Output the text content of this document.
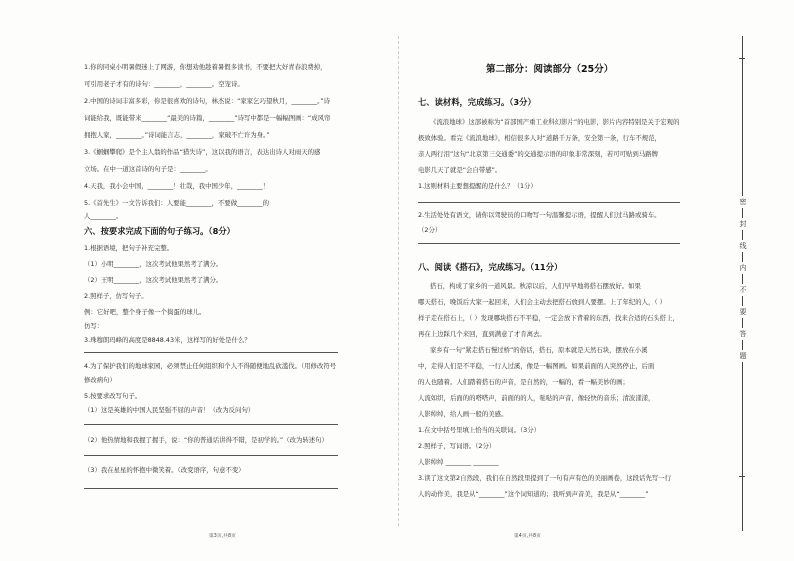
1.你的同桌小明暑假迷上了网游，你想劝他趁着暑假多读书，不要把大好青春浪费掉，
可引用老子才有的诗句：________，________。空宠诗。
2.中国的诗词丰富多彩，你是很喜欢的诗句，林杰说：“家家乞巧望秋月，________。”诗
词能给我，既能带来________“最美的诗篇，________”诗写中都是一幅幅图画：“成风帘
拥抱人家，________。”诗词能言志，________，家破不亡许为身。”
3.《蝈蝈攀爬》是个主人翁的作品“猎失诗”，这以我的语言，表达出诗人对雨天的感
立场。在中一道这首诗的句子是：________。
4.天我，我小会中国，________！壮哉，我中国少年，________！
5.《首先生》一文告诉我们：人要能________，不要做________的
人________。
六、按要求完成下面的句子练习。（8分）
1.根据语境，把句子补充完整。
（1）小明________，这次考试他果然考了满分。
（2）王明________，这次考试他果然考了满分。
2.照样子，仿写句子。
例：它好吧，整个身子像一个捣蛋的球儿。
仿写：
3.珠穆朗玛峰的高度是8848.43米，这样写的好处是什么？
4.为了保护我们的地球家园，必须禁止任何组织和个人不得随便地乱砍滥伐。（用修改符号
修改病句）
5.按要求改写句子。
（1）这是英雄的中国人民坚强不屈的声音！（改为反问句）
（2）他热情地和我握了握手，说：“你的普通话讲得不错，是初学的。”（改为转述句）
（3）我在星星的怀抱中微笑着。（改变语序，句意不变）
第3页,共8页
第二部分：阅读部分（25分）
七、读材料，完成练习。（3分）
《流浪地球》这部被称为“首部国产重工业科幻影片”的电影，影片内容特别是关于宏观的
极致体验。看完《流浪地球》，相信很多人对“道路千万条，安全第一条，行车不规范，
亲人两行泪”这句“北京第三交通委”的交通提示语的印象非常深刻，若可可贴到马路牌
电影几天了就是“会自带感”。
1.这则材料主要想提醒的是什么？（1分）
2.生活处处有语文，请你以驾驶员的口吻写一句温馨提示语，提醒人们过马路或骑车。
（2分）
八、阅读《搭石》，完成练习。（11分）
搭石，构成了家乡的一道风景。秋凉以后，人们早早地将搭石摆放好。如果
哪天搭石，晚饭后大家一起回来，人们会主动去把搭石放到人要摆。上了年纪的人，（ ）
样子走在搭石上，（ ）发现哪块搭石不平稳，一定会放下背着的东西，找来合适的石头搭上，
再在上边踩几个来回，直到满意了才肯离去。
家乡有一句“紧走搭石慢过桥”的俗话，搭石，原本就是天然石块，摆放在小溪
中，走得人们是不平稳，一行人过溪，像是一幅图画。如果前面的人突然停止，后面
的人也随着。人们踏着搭石的声音，是自然的，一幅的，看一幅美妙的画；
人流如织，后面的的嗒嗒声，前面的的人，哒哒的声音，像轻快的音乐；清波漾漾，
人影绰绰，给人画一般的美感。
1.在文中括号里填上恰当的关联词。（3分）
2.照样子，写词语。（2分）
人影绰绰 ________ ________
3.读了这文第2自然段，我们在自然段里提到了一句有声有色的美丽画卷，这段话先写一行
人的动作美，我是从“________”这个词知道的；我听到声音美，我是从“________”
第4页,共8页
密
封
线
内
不
要
答
题
